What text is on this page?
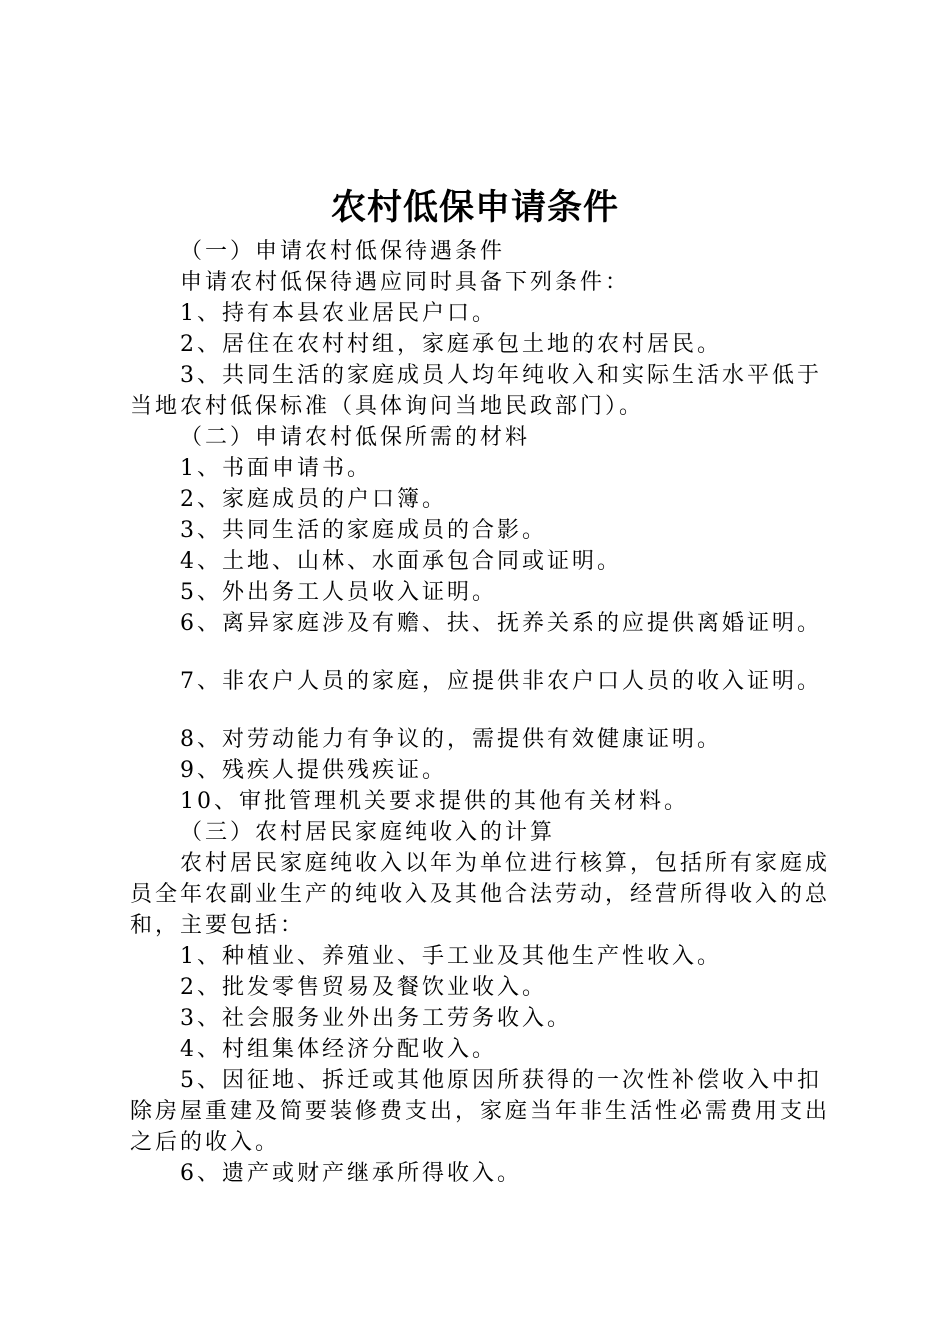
农村低保申请条件

（一）申请农村低保待遇条件

申请农村低保待遇应同时具备下列条件：

1、持有本县农业居民户口。

2、居住在农村村组，家庭承包土地的农村居民。

3、共同生活的家庭成员人均年纯收入和实际生活水平低于当地农村低保标准（具体询问当地民政部门）。

（二）申请农村低保所需的材料

1、书面申请书。

2、家庭成员的户口簿。

3、共同生活的家庭成员的合影。

4、土地、山林、水面承包合同或证明。

5、外出务工人员收入证明。

6、离异家庭涉及有赡、扶、抚养关系的应提供离婚证明。

7、非农户人员的家庭，应提供非农户口人员的收入证明。

8、对劳动能力有争议的，需提供有效健康证明。

9、残疾人提供残疾证。

10、审批管理机关要求提供的其他有关材料。

（三）农村居民家庭纯收入的计算

农村居民家庭纯收入以年为单位进行核算，包括所有家庭成员全年农副业生产的纯收入及其他合法劳动，经营所得收入的总和，主要包括：

1、种植业、养殖业、手工业及其他生产性收入。

2、批发零售贸易及餐饮业收入。

3、社会服务业外出务工劳务收入。

4、村组集体经济分配收入。

5、因征地、拆迁或其他原因所获得的一次性补偿收入中扣除房屋重建及简要装修费支出，家庭当年非生活性必需费用支出之后的收入。

6、遗产或财产继承所得收入。
